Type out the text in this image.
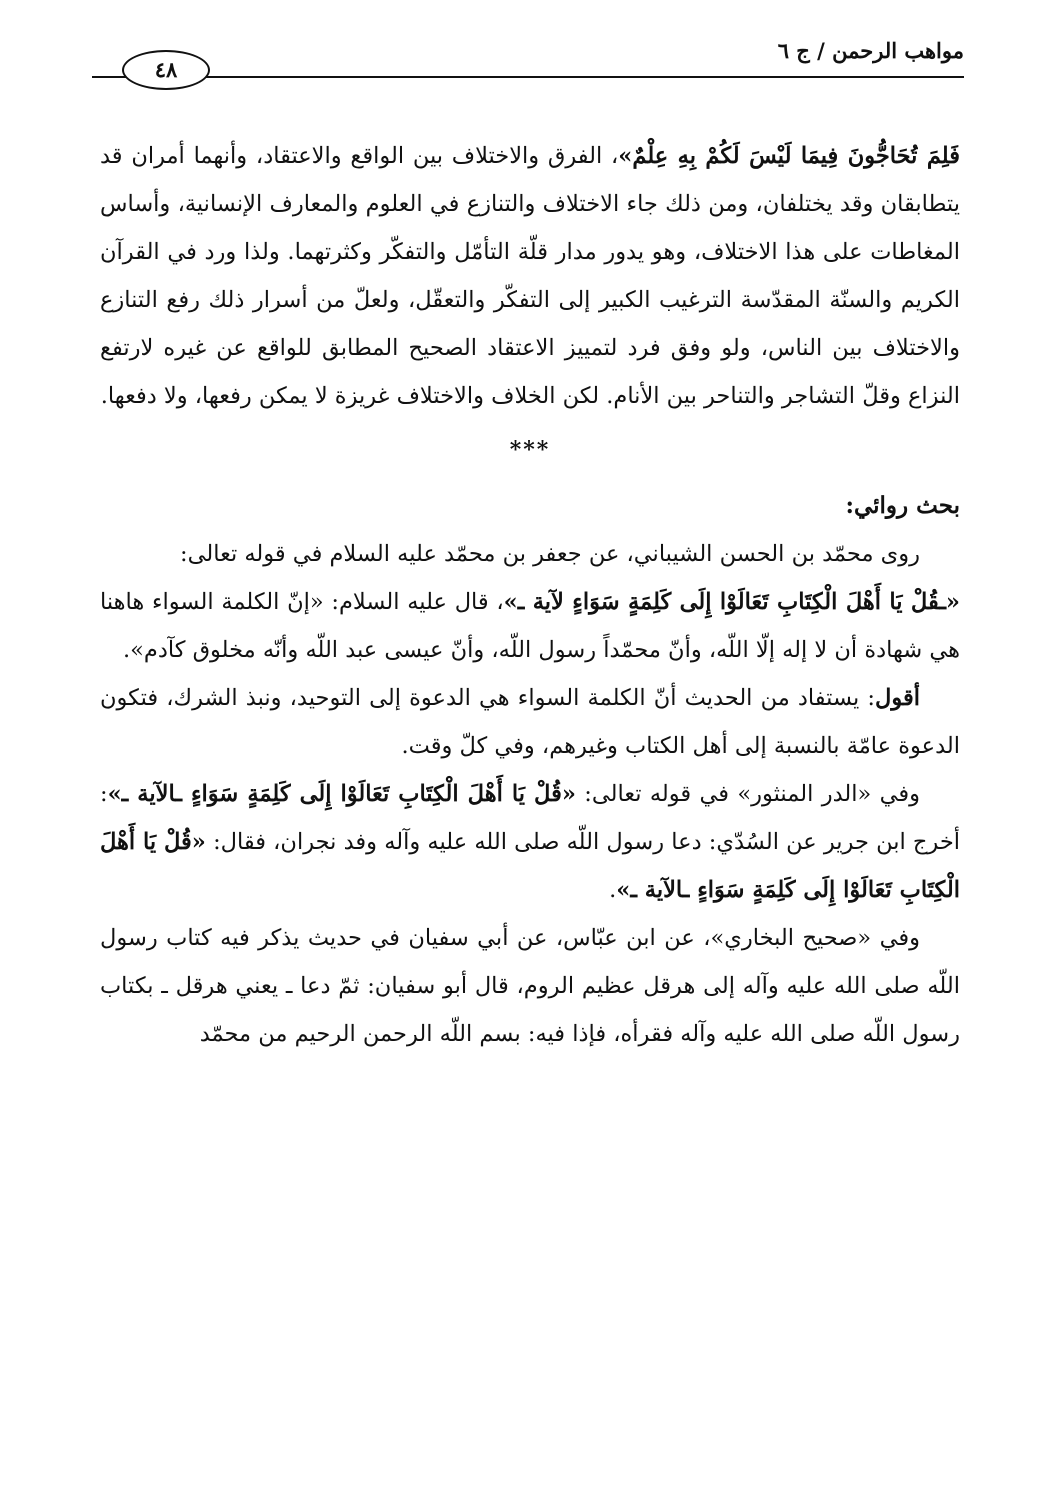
مواهب الرحمن / ج ٦
٤٨

فَلِمَ تُحَاجُّونَ فِيمَا لَيْسَ لَكُمْ بِهِ عِلْمٌ»، الفرق والاختلاف بين الواقع والاعتقاد، وأنهما أمران قد يتطابقان وقد يختلفان، ومن ذلك جاء الاختلاف والتنازع في العلوم والمعارف الإنسانية، وأساس المغاطات على هذا الاختلاف، وهو يدور مدار قلّة التأمّل والتفكّر وكثرتهما. ولذا ورد في القرآن الكريم والسنّة المقدّسة الترغيب الكبير إلى التفكّر والتعقّل، ولعلّ من أسرار ذلك رفع التنازع والاختلاف بين الناس، ولو وفق فرد لتمييز الاعتقاد الصحيح المطابق للواقع عن غيره لارتفع النزاع وقلّ التشاجر والتناحر بين الأنام. لكن الخلاف والاختلاف غريزة لا يمكن رفعها، ولا دفعها.

***
بحث روائي:

روى محمّد بن الحسن الشيباني، عن جعفر بن محمّد عليه السلام في قوله تعالى:
«ـقُلْ يَا أَهْلَ الْكِتَابِ تَعَالَوْا إِلَى كَلِمَةٍ سَوَاءٍ لآية ـ»، قال عليه السلام: «إنّ الكلمة السواء هاهنا هي شهادة أن لا إله إلّا اللّه، وأنّ محمّداً رسول اللّه، وأنّ عيسى عبد اللّه وأنّه مخلوق كآدم».

أقول: يستفاد من الحديث أنّ الكلمة السواء هي الدعوة إلى التوحيد، ونبذ الشرك، فتكون الدعوة عامّة بالنسبة إلى أهل الكتاب وغيرهم، وفي كلّ وقت.

وفي «الدر المنثور» في قوله تعالى: «قُلْ يَا أَهْلَ الْكِتَابِ تَعَالَوْا إِلَى كَلِمَةٍ سَوَاءٍ ـالآية ـ»: أخرج ابن جرير عن السُدّي: دعا رسول اللّه صلى الله عليه وآله وفد نجران، فقال: «قُلْ يَا أَهْلَ الْكِتَابِ تَعَالَوْا إِلَى كَلِمَةٍ سَوَاءٍ ـالآية ـ».

وفي «صحيح البخاري»، عن ابن عبّاس، عن أبي سفيان في حديث يذكر فيه كتاب رسول اللّه صلى الله عليه وآله إلى هرقل عظيم الروم، قال أبو سفيان: ثمّ دعا ـ يعني هرقل ـ بكتاب رسول اللّه صلى الله عليه وآله فقرأه، فإذا فيه: بسم اللّه الرحمن الرحيم من محمّد
